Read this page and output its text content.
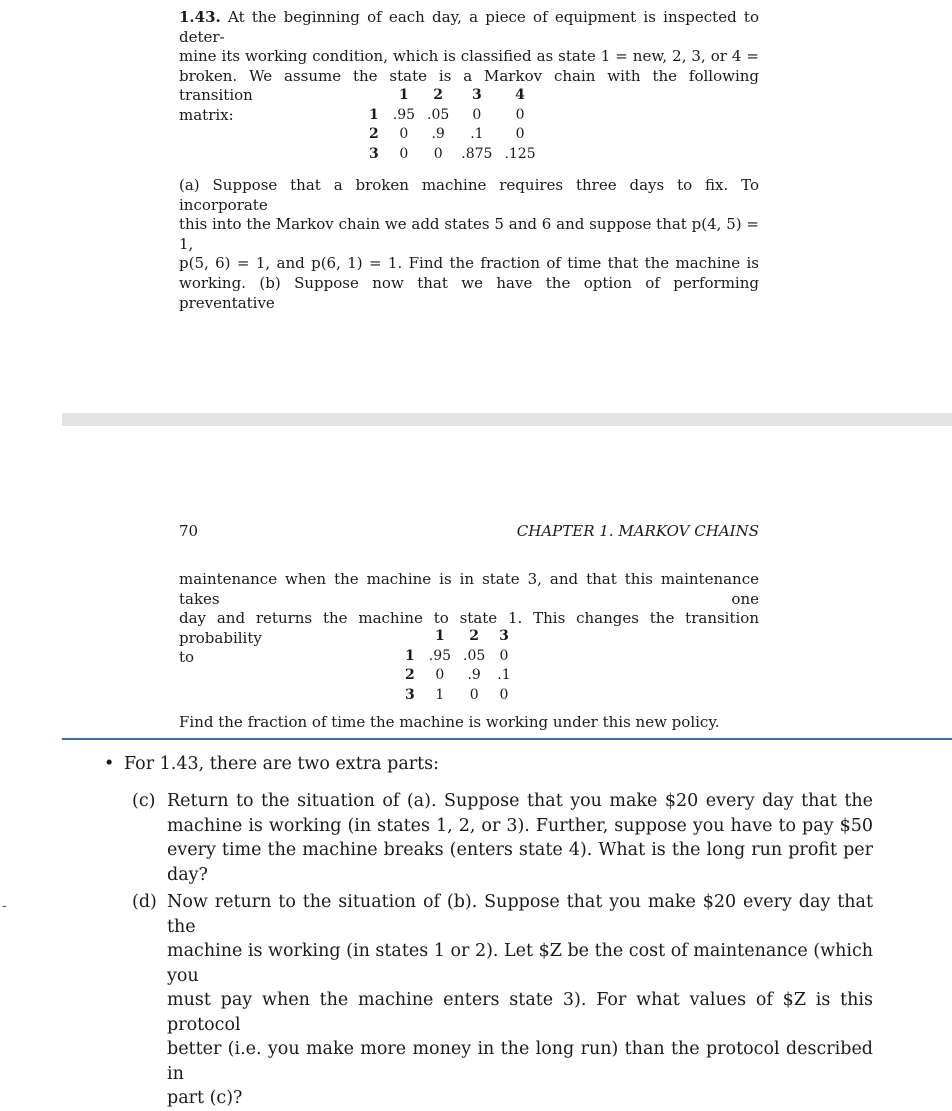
1.43. At the beginning of each day, a piece of equipment is inspected to deter-
mine its working condition, which is classified as state 1 = new, 2, 3, or 4 =
broken. We assume the state is a Markov chain with the following transition
matrix:
	1	2	3	4
1	.95	.05	0	0
2	0	.9	.1	0
3	0	0	.875	.125
(a) Suppose that a broken machine requires three days to fix. To incorporate
this into the Markov chain we add states 5 and 6 and suppose that p(4, 5) = 1,
p(5, 6) = 1, and p(6, 1) = 1. Find the fraction of time that the machine is
working. (b) Suppose now that we have the option of performing preventative
70	CHAPTER 1. MARKOV CHAINS
maintenance when the machine is in state 3, and that this maintenance takes one
day and returns the machine to state 1. This changes the transition probability
to
	1	2	3
1	.95	.05	0
2	0	.9	.1
3	1	0	0
Find the fraction of time the machine is working under this new policy.
-
• For 1.43, there are two extra parts:
(c) Return to the situation of (a). Suppose that you make $20 every day that the
machine is working (in states 1, 2, or 3). Further, suppose you have to pay $50
every time the machine breaks (enters state 4). What is the long run profit per
day?
(d) Now return to the situation of (b). Suppose that you make $20 every day that the
machine is working (in states 1 or 2). Let $Z be the cost of maintenance (which you
must pay when the machine enters state 3). For what values of $Z is this protocol
better (i.e. you make more money in the long run) than the protocol described in
part (c)?
